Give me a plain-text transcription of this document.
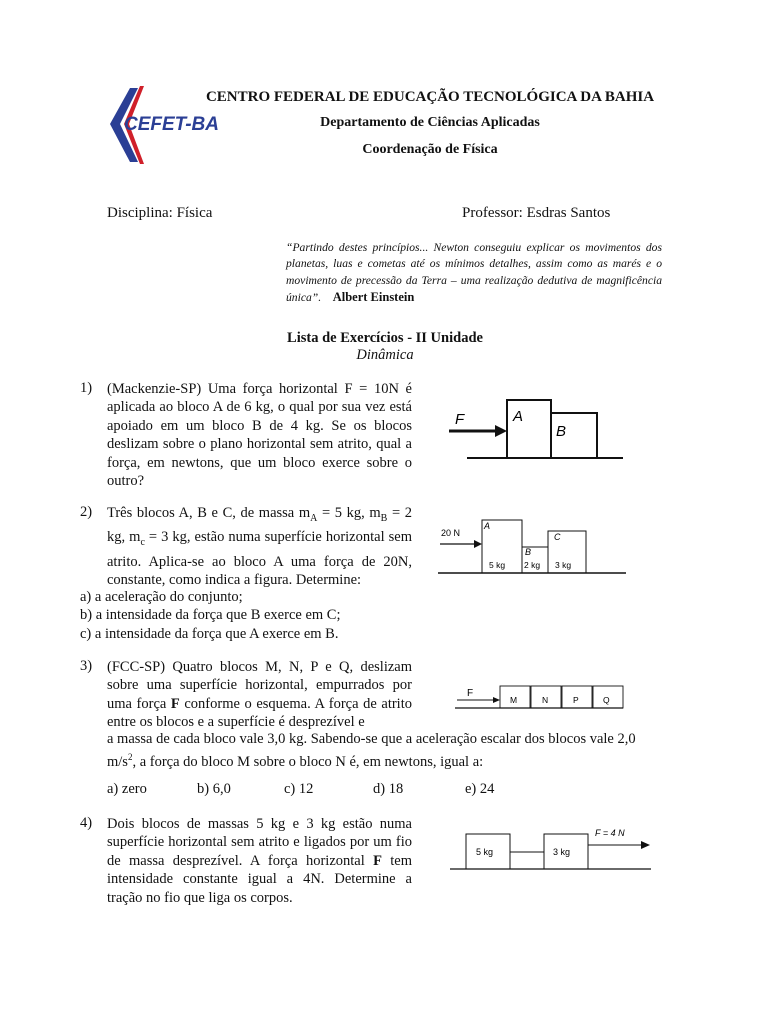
CEFET-BA
CENTRO FEDERAL DE EDUCAÇÃO TECNOLÓGICA DA BAHIA
Departamento de Ciências Aplicadas
Coordenação de Física
Disciplina: Física	Professor: Esdras Santos
“Partindo destes princípios... Newton conseguiu explicar os movimentos dos planetas, luas e cometas até os mínimos detalhes, assim como as marés e o movimento de precessão da Terra – uma realização dedutiva de magnificência única”. Albert Einstein
Lista de Exercícios - II Unidade
Dinâmica
1) (Mackenzie-SP) Uma força horizontal F = 10N é aplicada ao bloco A de 6 kg, o qual por sua vez está apoiado em um bloco B de 4 kg. Se os blocos deslizam sobre o plano horizontal sem atrito, qual a força, em newtons, que um bloco exerce sobre o outro?
F	A
B
2) Três blocos A, B e C, de massa $m_A = 5$ kg, $m_B = 2$ kg, $m_c = 3$ kg, estão numa superfície horizontal sem atrito. Aplica-se ao bloco A uma força de 20N, constante, como indica a figura. Determine:
20 N
A
B
C
5 kg 2 kg 3 kg
a) a aceleração do conjunto;
b) a intensidade da força que B exerce em C;
c) a intensidade da força que A exerce em B.
3) (FCC-SP) Quatro blocos M, N, P e Q, deslizam sobre uma superfície horizontal, empurrados por uma força F conforme o esquema. A força de atrito entre os blocos e a superfície é desprezível e
a massa de cada bloco vale 3,0 kg. Sabendo-se que a aceleração escalar dos blocos vale 2,0
$m/s^2$, a força do bloco M sobre o bloco N é, em newtons, igual a:
F
M	N	P	Q
a) zero	b) 6,0	c) 12	d) 18	e) 24
4) Dois blocos de massas 5 kg e 3 kg estão numa superfície horizontal sem atrito e ligados por um fio de massa desprezível. A força horizontal F tem intensidade constante igual a 4N. Determine a tração no fio que liga os corpos.
F = 4 N
5 kg	3 kg
